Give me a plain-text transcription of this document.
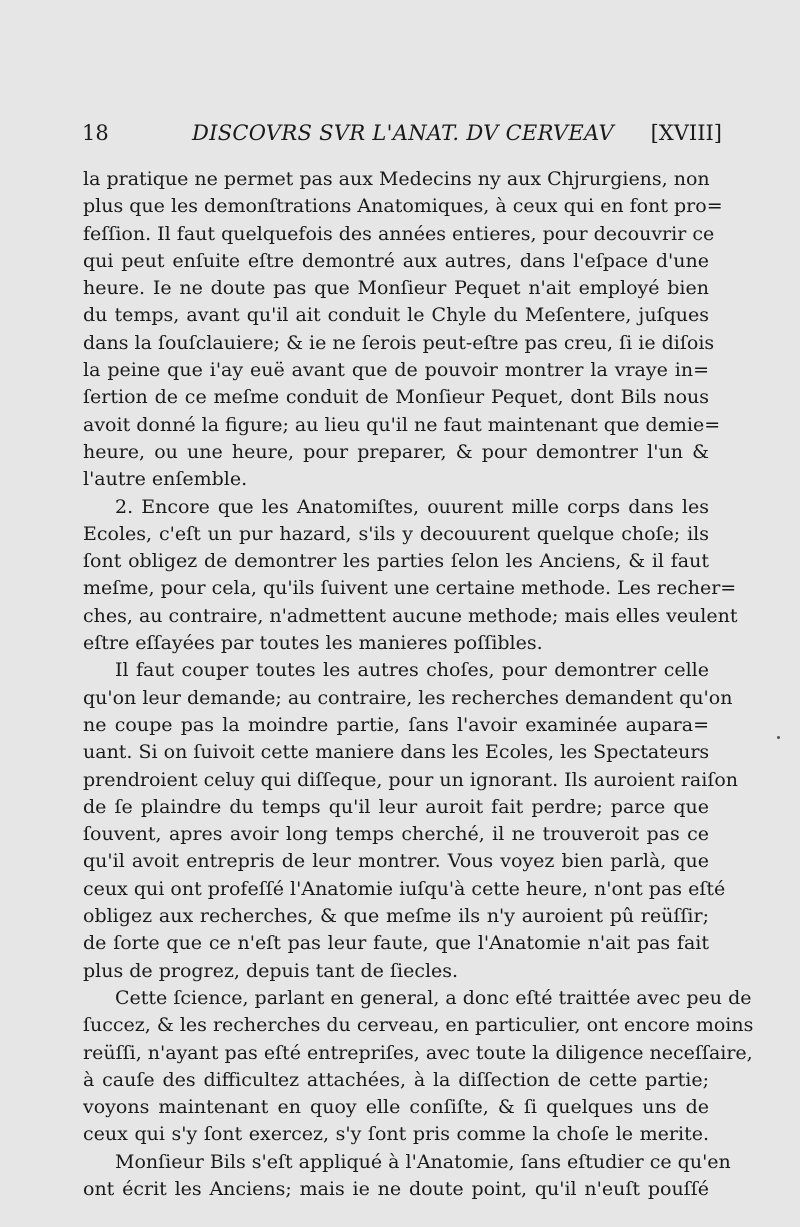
18	DISCOVRS SVR L'ANAT. DV CERVEAV [XVIII]
la pratique ne permet pas aux Medecins ny aux Chjrurgiens, non
plus que les demonſtrations Anatomiques, à ceux qui en font pro=
feſſion. Il faut quelquefois des années entieres, pour decouvrir ce
qui peut enſuite eſtre demontré aux autres, dans l'eſpace d'une
heure. Ie ne doute pas que Monſieur Pequet n'ait employé bien
du temps, avant qu'il ait conduit le Chyle du Meſentere, juſques
dans la ſouſclauiere; & ie ne ſerois peut-eſtre pas creu, ſi ie diſois
la peine que i'ay euë avant que de pouvoir montrer la vraye in=
ſertion de ce meſme conduit de Monſieur Pequet, dont Bils nous
avoit donné la figure; au lieu qu'il ne faut maintenant que demie=
heure, ou une heure, pour preparer, & pour demontrer l'un &
l'autre enſemble.
2. Encore que les Anatomiſtes, ouurent mille corps dans les
Ecoles, c'eſt un pur hazard, s'ils y decouurent quelque choſe; ils
ſont obligez de demontrer les parties ſelon les Anciens, & il faut
meſme, pour cela, qu'ils ſuivent une certaine methode. Les recher=
ches, au contraire, n'admettent aucune methode; mais elles veulent
eſtre eſſayées par toutes les manieres poſſibles.
Il faut couper toutes les autres choſes, pour demontrer celle
qu'on leur demande; au contraire, les recherches demandent qu'on
ne coupe pas la moindre partie, ſans l'avoir examinée aupara=
uant. Si on ſuivoit cette maniere dans les Ecoles, les Spectateurs
prendroient celuy qui diſſeque, pour un ignorant. Ils auroient raiſon
de ſe plaindre du temps qu'il leur auroit fait perdre; parce que
ſouvent, apres avoir long temps cherché, il ne trouveroit pas ce
qu'il avoit entrepris de leur montrer. Vous voyez bien parlà, que
ceux qui ont profeſſé l'Anatomie iuſqu'à cette heure, n'ont pas eſté
obligez aux recherches, & que meſme ils n'y auroient pû reüſſir;
de ſorte que ce n'eſt pas leur faute, que l'Anatomie n'ait pas fait
plus de progrez, depuis tant de ſiecles.
Cette ſcience, parlant en general, a donc eſté traittée avec peu de
ſuccez, & les recherches du cerveau, en particulier, ont encore moins
reüſſi, n'ayant pas eſté entrepriſes, avec toute la diligence neceſſaire,
à cauſe des difficultez attachées, à la diſſection de cette partie;
voyons maintenant en quoy elle conſiſte, & ſi quelques uns de
ceux qui s'y ſont exercez, s'y ſont pris comme la choſe le merite.
Monſieur Bils s'eſt appliqué à l'Anatomie, ſans eſtudier ce qu'en
ont écrit les Anciens; mais ie ne doute point, qu'il n'euſt pouſſé
